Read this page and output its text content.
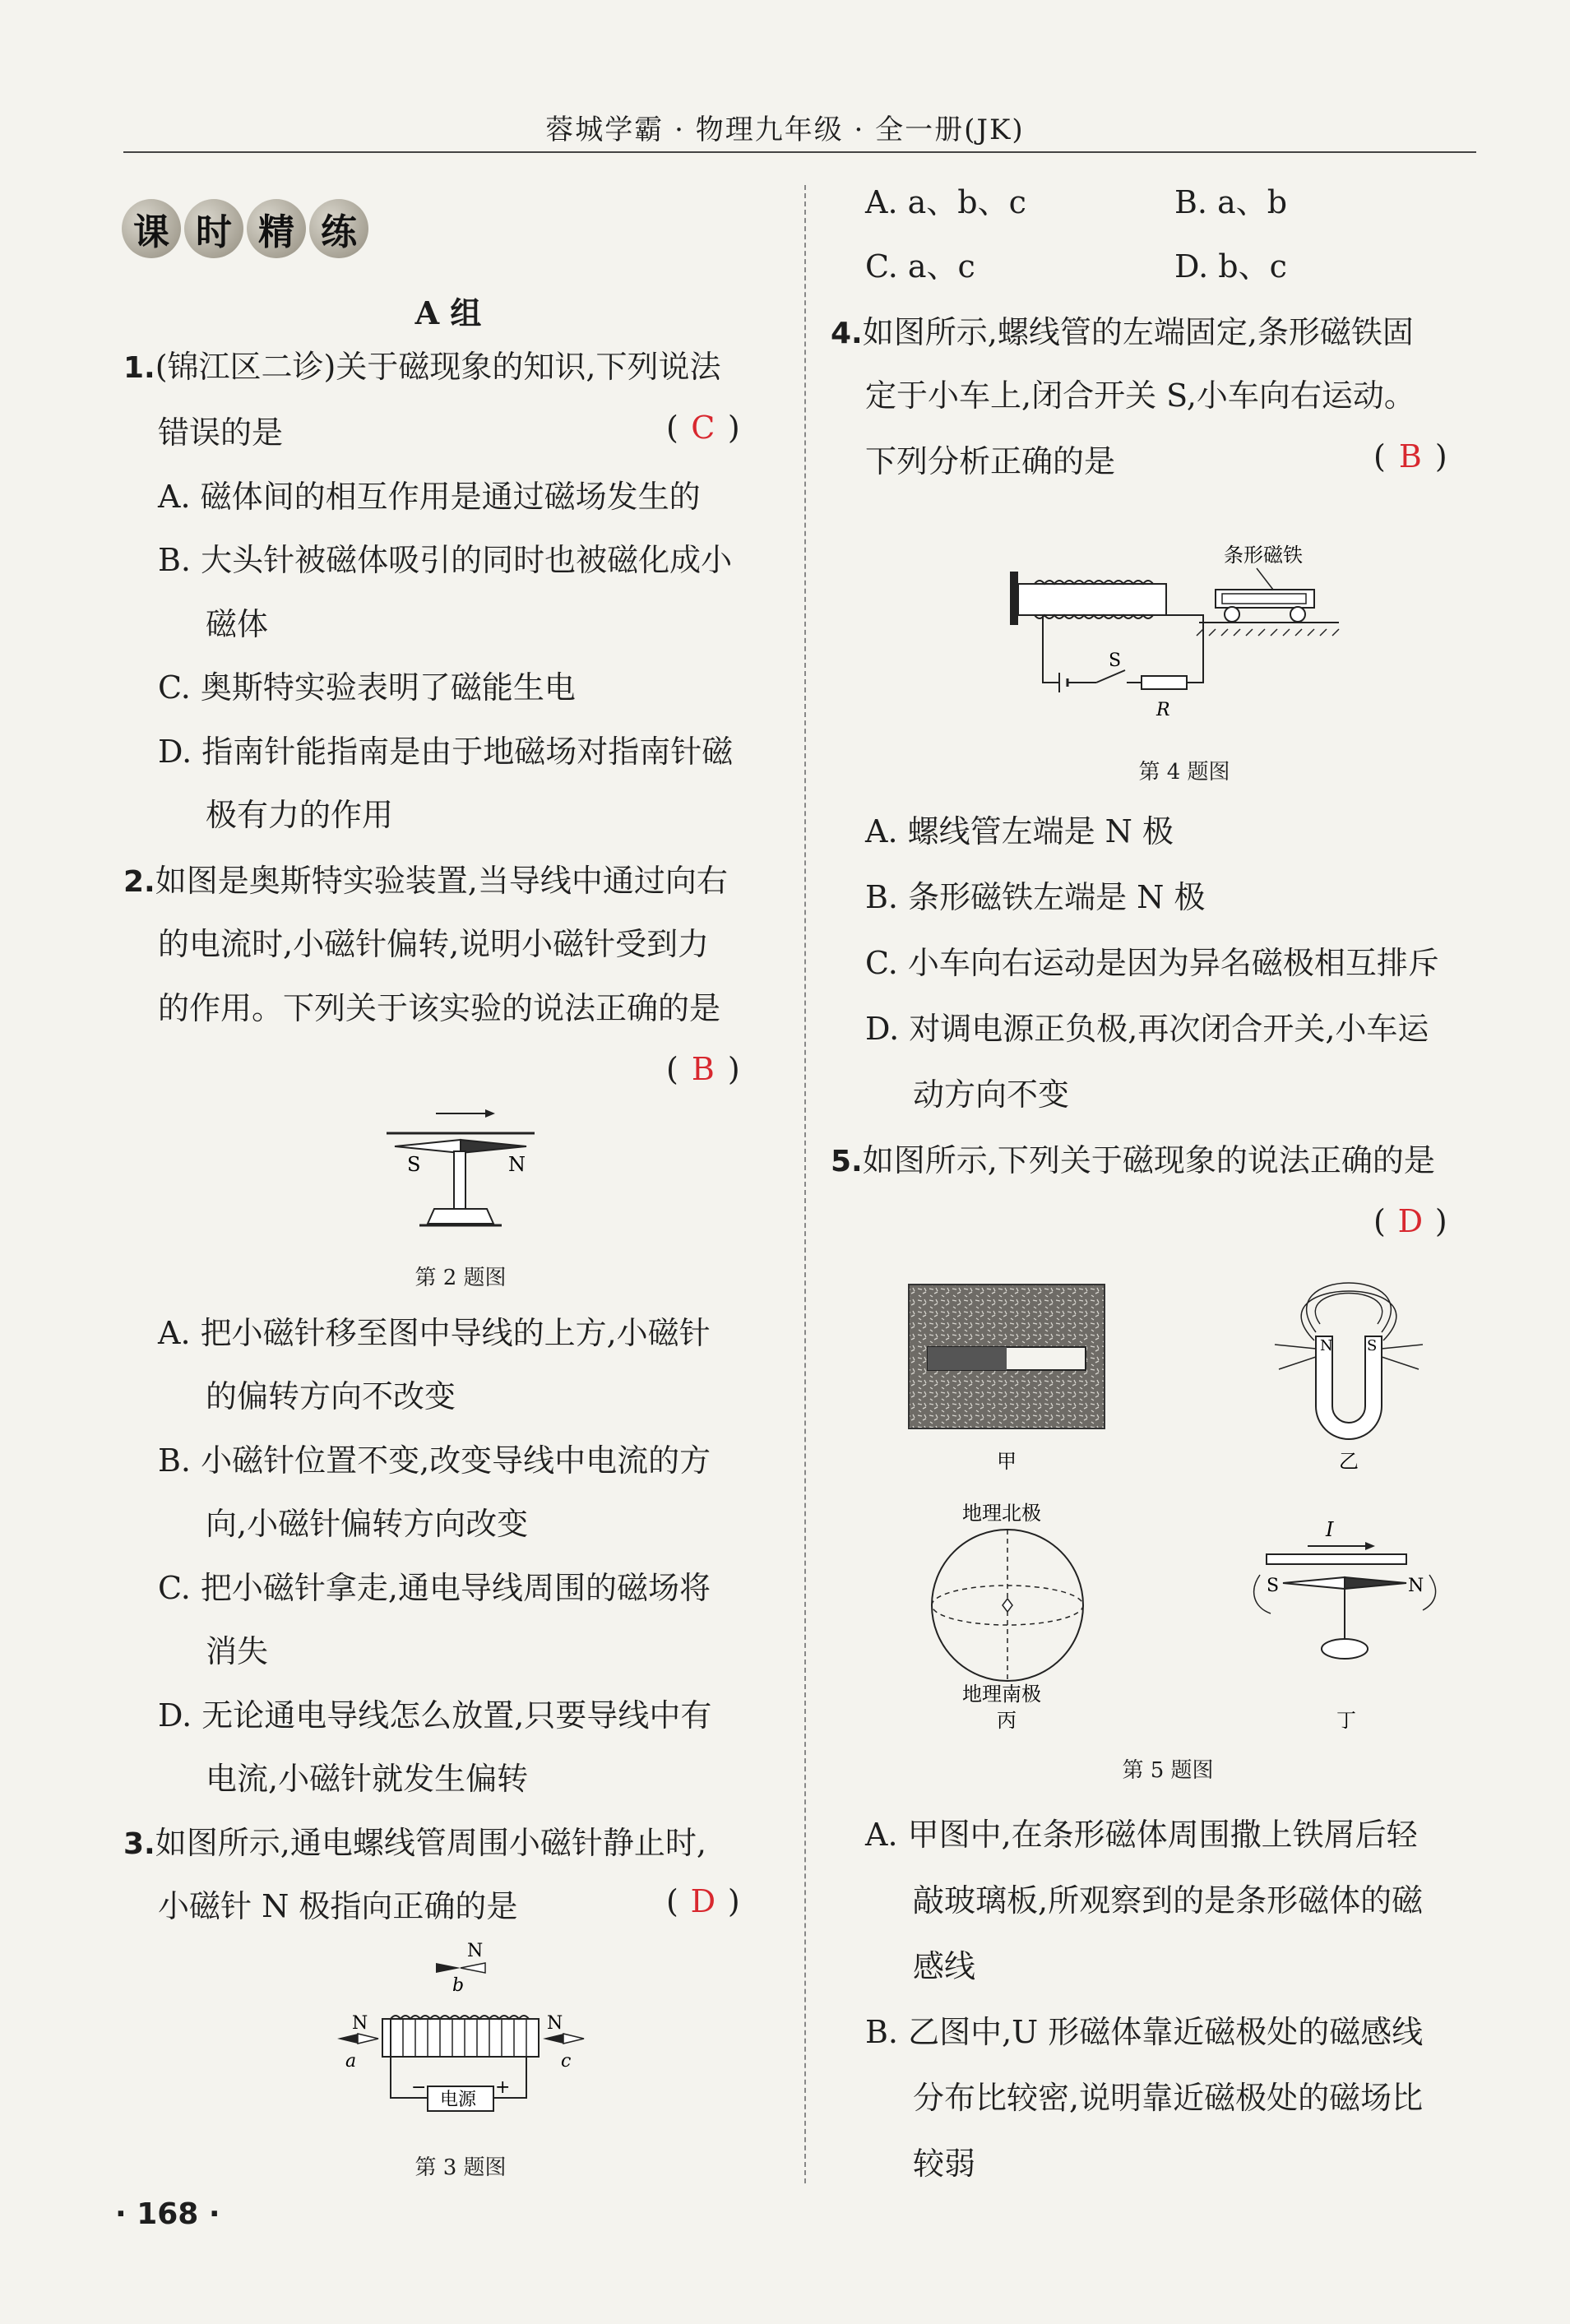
蓉城学霸 · 物理九年级 · 全一册(JK)
课 时 精 练
A 组
1.(锦江区二诊)关于磁现象的知识,下列说法
错误的是	( C )
A. 磁体间的相互作用是通过磁场发生的
B. 大头针被磁体吸引的同时也被磁化成小
磁体
C. 奥斯特实验表明了磁能生电
D. 指南针能指南是由于地磁场对指南针磁
极有力的作用
2.如图是奥斯特实验装置,当导线中通过向右
的电流时,小磁针偏转,说明小磁针受到力
的作用。下列关于该实验的说法正确的是
( B )
S	N
第 2 题图
A. 把小磁针移至图中导线的上方,小磁针
的偏转方向不改变
B. 小磁针位置不变,改变导线中电流的方
向,小磁针偏转方向改变
C. 把小磁针拿走,通电导线周围的磁场将
消失
D. 无论通电导线怎么放置,只要导线中有
电流,小磁针就发生偏转
3.如图所示,通电螺线管周围小磁针静止时,
小磁针 N 极指向正确的是	( D )
N
b
电源
−	+
N
a
N
c
第 3 题图
· 168 ·
A. a、b、c	B. a、b
C. a、c	D. b、c
4.如图所示,螺线管的左端固定,条形磁铁固
定于小车上,闭合开关 S,小车向右运动。
下列分析正确的是	( B )
条形磁铁
S
R
第 4 题图
A. 螺线管左端是 N 极
B. 条形磁铁左端是 N 极
C. 小车向右运动是因为异名磁极相互排斥
D. 对调电源正负极,再次闭合开关,小车运
动方向不变
5.如图所示,下列关于磁现象的说法正确的是
( D )
甲
N S
乙
地理北极
地理南极
丙
I
S	N
丁
第 5 题图
A. 甲图中,在条形磁体周围撒上铁屑后轻
敲玻璃板,所观察到的是条形磁体的磁
感线
B. 乙图中,U 形磁体靠近磁极处的磁感线
分布比较密,说明靠近磁极处的磁场比
较弱
